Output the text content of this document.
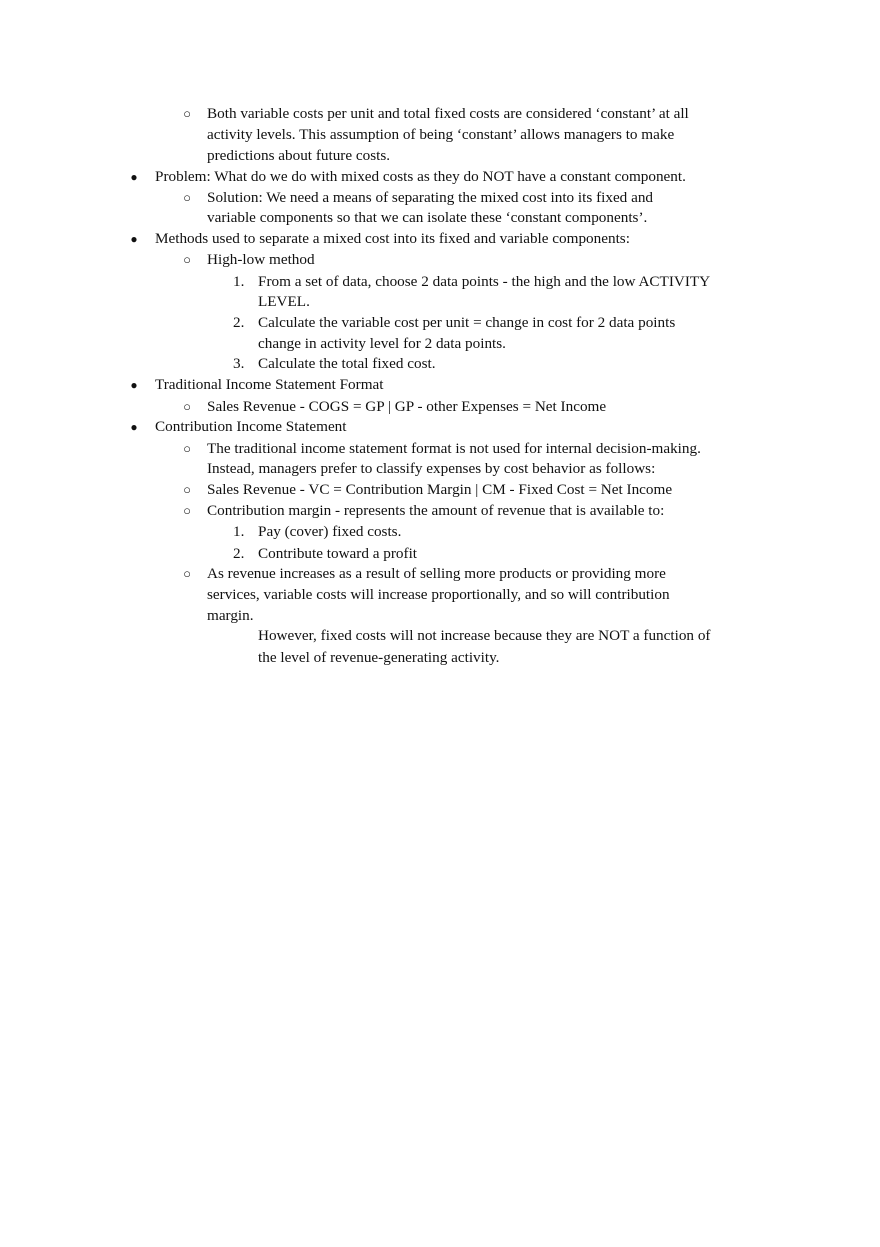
○ Both variable costs per unit and total fixed costs are considered ‘constant’ at all
activity levels. This assumption of being ‘constant’ allows managers to make
predictions about future costs.
● Problem: What do we do with mixed costs as they do NOT have a constant component.
○ Solution: We need a means of separating the mixed cost into its fixed and
variable components so that we can isolate these ‘constant components’.
● Methods used to separate a mixed cost into its fixed and variable components:
○ High-low method
1. From a set of data, choose 2 data points - the high and the low ACTIVITY
LEVEL.
2. Calculate the variable cost per unit = change in cost for 2 data points
change in activity level for 2 data points.
3. Calculate the total fixed cost.
● Traditional Income Statement Format
○ Sales Revenue - COGS = GP | GP - other Expenses = Net Income
● Contribution Income Statement
○ The traditional income statement format is not used for internal decision-making.
Instead, managers prefer to classify expenses by cost behavior as follows:
○ Sales Revenue - VC = Contribution Margin | CM - Fixed Cost = Net Income
○ Contribution margin - represents the amount of revenue that is available to:
1. Pay (cover) fixed costs.
2. Contribute toward a profit
○ As revenue increases as a result of selling more products or providing more
services, variable costs will increase proportionally, and so will contribution
margin.
However, fixed costs will not increase because they are NOT a function of
the level of revenue-generating activity.
